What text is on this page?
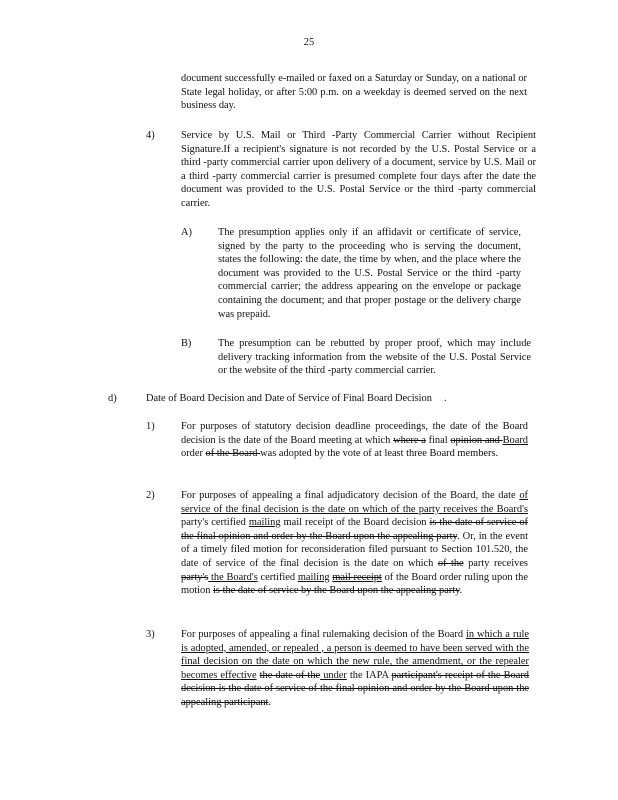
25

document successfully e-mailed or faxed on a Saturday or Sunday, on a national or State legal holiday, or after 5:00 p.m. on a weekday is deemed served on the next business day.

4)	Service by U.S. Mail or Third -Party Commercial Carrier without Recipient Signature.If a recipient's signature is not recorded by the U.S. Postal Service or a third -party commercial carrier upon delivery of a document, service by U.S. Mail or a third -party commercial carrier is presumed complete four days after the date the document was provided to the U.S. Postal Service or the third -party commercial carrier.

A)	The presumption applies only if an affidavit or certificate of service, signed by the party to the proceeding who is serving the document, states the following: the date, the time by when, and the place where the document was provided to the U.S. Postal Service or the third -party commercial carrier; the address appearing on the envelope or package containing the document; and that proper postage or the delivery charge was prepaid.

B)	The presumption can be rebutted by proper proof, which may include delivery tracking information from the website of the U.S. Postal Service or the website of the third -party commercial carrier.

d)	Date of Board Decision and Date of Service of Final Board Decision .
1)	For purposes of statutory decision deadline proceedings, the date of the Board decision is the date of the Board meeting at which where a final opinion and Board order of the Board was adopted by the vote of at least three Board members.

2)	For purposes of appealing a final adjudicatory decision of the Board, the date of service of the final decision is the date on which of the party receives the Board's party's certified mailing mail receipt of the Board decision is the date of service of the final opinion and order by the Board upon the appealing party. Or, in the event of a timely filed motion for reconsideration filed pursuant to Section 101.520, the date of service of the final decision is the date on which of the party receives party's the Board's certified mailing mail receipt of the Board order ruling upon the motion is the date of service by the Board upon the appealing party.

3)	For purposes of appealing a final rulemaking decision of the Board in which a rule is adopted, amended, or repealed , a person is deemed to have been served with the final decision on the date on which the new rule, the amendment, or the repealer becomes effective the date of the under the IAPA participant's receipt of the Board decision is the date of service of the final opinion and order by the Board upon the appealing participant.
